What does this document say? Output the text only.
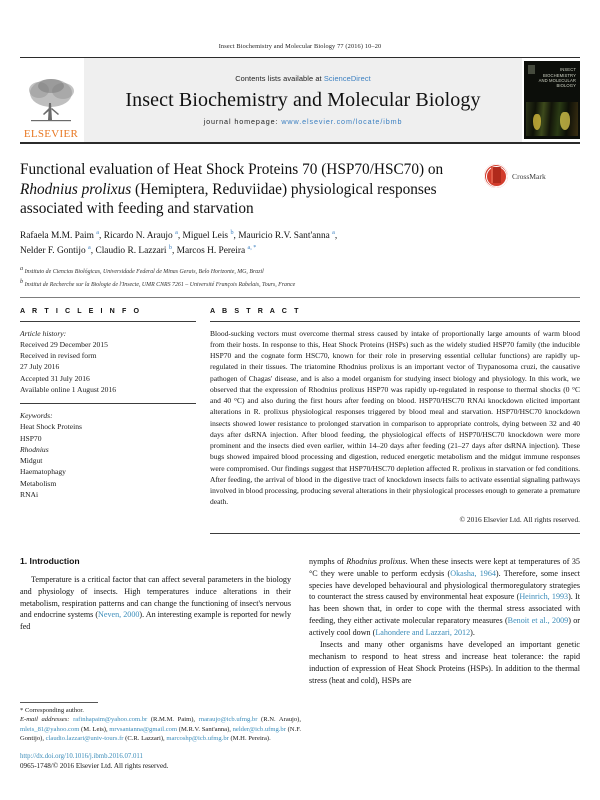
Insect Biochemistry and Molecular Biology 77 (2016) 10–20
ELSEVIER
Contents lists available at ScienceDirect
Insect Biochemistry and Molecular Biology
journal homepage: www.elsevier.com/locate/ibmb
INSECT BIOCHEMISTRY AND MOLECULAR BIOLOGY
Functional evaluation of Heat Shock Proteins 70 (HSP70/HSC70) on
Rhodnius prolixus (Hemiptera, Reduviidae) physiological responses
associated with feeding and starvation
CrossMark
Rafaela M.M. Paim $^a$, Ricardo N. Araujo $^a$, Miguel Leis $^b$, Mauricio R.V. Sant'anna $^a$,
Nelder F. Gontijo $^a$, Claudio R. Lazzari $^b$, Marcos H. Pereira $^{a, *}$
a Instituto de Ciencias Biológicas, Universidade Federal de Minas Gerais, Belo Horizonte, MG, Brazil
b Institut de Recherche sur la Biologie de l'Insecte, UMR CNRS 7261 – Université François Rabelais, Tours, France
A R T I C L E I N F O
Article history:
Received 29 December 2015
Received in revised form
27 July 2016
Accepted 31 July 2016
Available online 1 August 2016
Keywords:
Heat Shock Proteins
HSP70
Rhodnius
Midgut
Haematophagy
Metabolism
RNAi
A B S T R A C T
Blood-sucking vectors must overcome thermal stress caused by intake of proportionally large amounts of warm blood from their hosts. In response to this, Heat Shock Proteins (HSPs) such as the widely studied HSP70 family (the inducible HSP70 and the cognate form HSC70, known for their role in preserving essential cellular functions) are rapidly up-regulated in their tissues. The triatomine Rhodnius prolixus is an important vector of Trypanosoma cruzi, the causative pathogen of Chagas' disease, and is also a model organism for studying insect biology and physiology. In this work, we observed that the expression of Rhodnius prolixus HSP70 was rapidly up-regulated in response to thermal shocks (0 °C and 40 °C) and also during the first hours after feeding on blood. HSP70/HSC70 RNAi knockdown elicited important alterations in R. prolixus physiological responses triggered by blood meal and starvation. HSP70/HSC70 knockdown insects showed lower resistance to prolonged starvation in comparison to appropriate controls, dying between 32 and 40 days after dsRNA injection. After blood feeding, the physiological effects of HSP70/HSC70 knockdown were more prominent and the insects died even earlier, within 14–20 days after feeding (21–27 days after dsRNA injection). These bugs showed impaired blood processing and digestion, reduced energetic metabolism and the midgut immune responses were compromised. Our findings suggest that HSP70/HSC70 depletion affected R. prolixus in starvation or fed conditions. After feeding, the arrival of blood in the digestive tract of knockdown insects fails to activate essential signaling pathways involved in blood processing, producing several alterations in their physiological processes enough to generate a premature death.
© 2016 Elsevier Ltd. All rights reserved.
1. Introduction
Temperature is a critical factor that can affect several parameters in the biology and physiology of insects. High temperatures induce alterations in their metabolism, respiration patterns and can change the functioning of insect's nervous and endocrine systems (Neven, 2000). An interesting example is reported for newly fed
nymphs of Rhodnius prolixus. When these insects were kept at temperatures of 35 °C they were unable to perform ecdysis (Okasha, 1964). Therefore, some insect species have developed behavioural and physiological thermoregulatory strategies to counteract the stress caused by environmental heat exposure (Heinrich, 1993). It has been shown that, in order to cope with the thermal stress associated with feeding, they either activate molecular reparatory measures (Benoit et al., 2009) or actively cool down (Lahondere and Lazzari, 2012).
Insects and many other organisms have developed an important genetic mechanism to respond to heat stress and increase heat tolerance: the rapid induction of expression of Heat Shock Proteins (HSPs). In addition to the thermal stress (heat and cold), HSPs are
* Corresponding author.
E-mail addresses: rafinhapaim@yahoo.com.br (R.M.M. Paim), rnaraujo@icb.ufmg.br (R.N. Araujo), mleis_81@yahoo.com (M. Leis), mrvsantanna@gmail.com (M.R.V. Sant'anna), nelder@icb.ufmg.br (N.F. Gontijo), claudio.lazzari@univ-tours.fr (C.R. Lazzari), marcoshp@icb.ufmg.br (M.H. Pereira).
http://dx.doi.org/10.1016/j.ibmb.2016.07.011
0965-1748/© 2016 Elsevier Ltd. All rights reserved.
